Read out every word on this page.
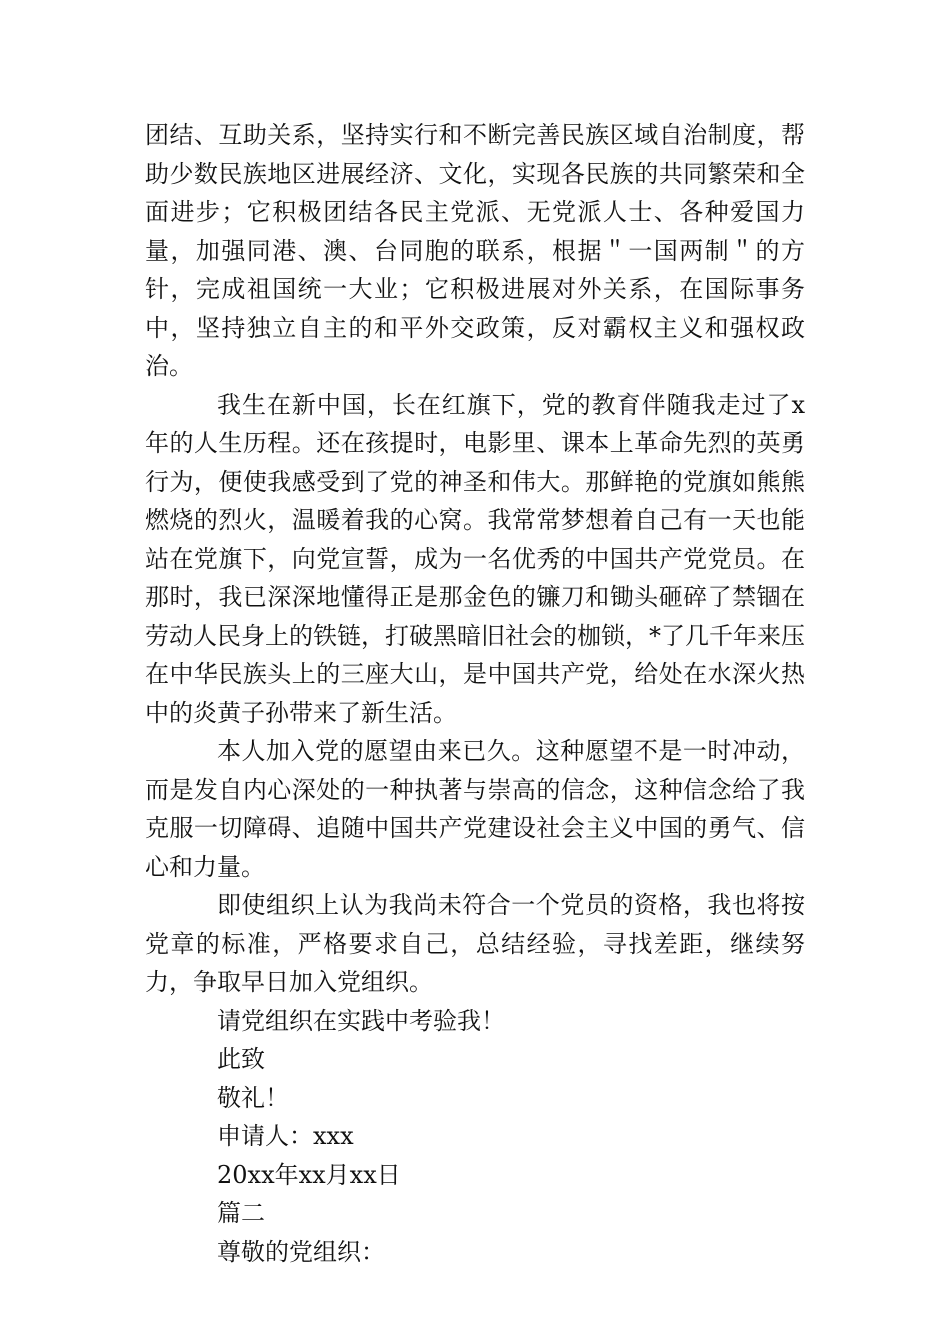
团结、互助关系，坚持实行和不断完善民族区域自治制度，帮助少数民族地区进展经济、文化，实现各民族的共同繁荣和全面进步；它积极团结各民主党派、无党派人士、各种爱国力量，加强同港、澳、台同胞的联系，根据＂一国两制＂的方针，完成祖国统一大业；它积极进展对外关系，在国际事务中，坚持独立自主的和平外交政策，反对霸权主义和强权政治。

我生在新中国，长在红旗下，党的教育伴随我走过了x年的人生历程。还在孩提时，电影里、课本上革命先烈的英勇行为，便使我感受到了党的神圣和伟大。那鲜艳的党旗如熊熊燃烧的烈火，温暖着我的心窝。我常常梦想着自己有一天也能站在党旗下，向党宣誓，成为一名优秀的中国共产党党员。在那时，我已深深地懂得正是那金色的镰刀和锄头砸碎了禁锢在劳动人民身上的铁链，打破黑暗旧社会的枷锁，*了几千年来压在中华民族头上的三座大山，是中国共产党，给处在水深火热中的炎黄子孙带来了新生活。

本人加入党的愿望由来已久。这种愿望不是一时冲动，而是发自内心深处的一种执著与崇高的信念，这种信念给了我克服一切障碍、追随中国共产党建设社会主义中国的勇气、信心和力量。

即使组织上认为我尚未符合一个党员的资格，我也将按党章的标准，严格要求自己，总结经验，寻找差距，继续努力，争取早日加入党组织。

请党组织在实践中考验我！

此致

敬礼！

申请人：xxx

20xx年xx月xx日

篇二

尊敬的党组织：
